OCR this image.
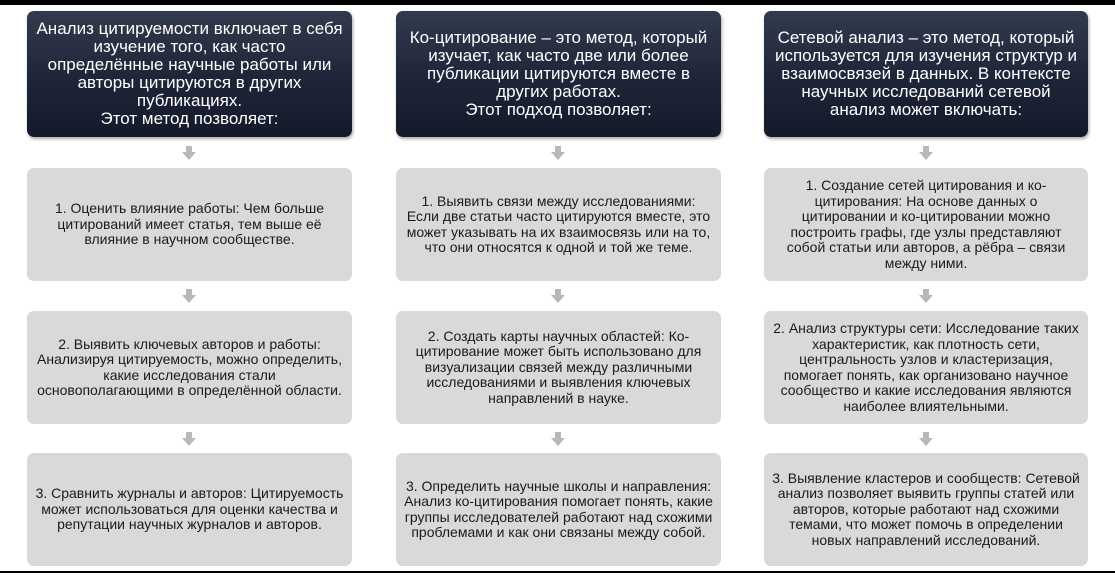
Анализ цитируемости включает в себя изучение того, как часто определённые научные работы или авторы цитируются в других публикациях.
Этот метод позволяет:
1. Оценить влияние работы: Чем больше цитирований имеет статья, тем выше её влияние в научном сообществе.
2. Выявить ключевых авторов и работы: Анализируя цитируемость, можно определить, какие исследования стали основополагающими в определённой области.
3. Сравнить журналы и авторов: Цитируемость может использоваться для оценки качества и репутации научных журналов и авторов.
Ко-цитирование – это метод, который изучает, как часто две или более публикации цитируются вместе в других работах.
Этот подход позволяет:
1. Выявить связи между исследованиями: Если две статьи часто цитируются вместе, это может указывать на их взаимосвязь или на то, что они относятся к одной и той же теме.
2. Создать карты научных областей: Ко-цитирование может быть использовано для визуализации связей между различными исследованиями и выявления ключевых направлений в науке.
3. Определить научные школы и направления: Анализ ко-цитирования помогает понять, какие группы исследователей работают над схожими проблемами и как они связаны между собой.
Сетевой анализ – это метод, который используется для изучения структур и взаимосвязей в данных. В контексте научных исследований сетевой анализ может включать:
1. Создание сетей цитирования и ко-цитирования: На основе данных о цитировании и ко-цитировании можно построить графы, где узлы представляют собой статьи или авторов, а рёбра – связи между ними.
2. Анализ структуры сети: Исследование таких характеристик, как плотность сети, центральность узлов и кластеризация, помогает понять, как организовано научное сообщество и какие исследования являются наиболее влиятельными.
3. Выявление кластеров и сообществ: Сетевой анализ позволяет выявить группы статей или авторов, которые работают над схожими темами, что может помочь в определении новых направлений исследований.
